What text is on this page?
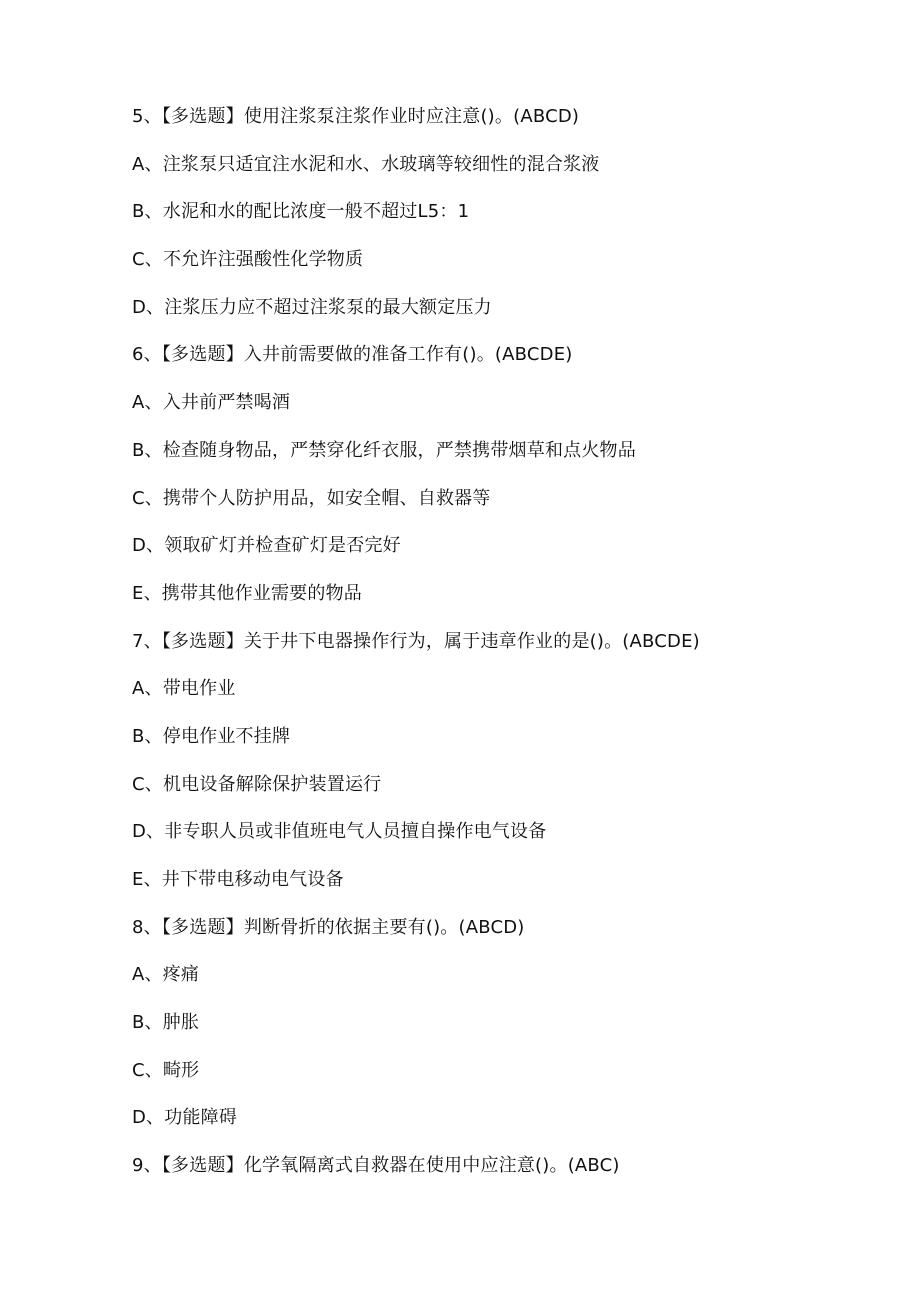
5、【多选题】使用注浆泵注浆作业时应注意()。(ABCD)
A、注浆泵只适宜注水泥和水、水玻璃等较细性的混合浆液
B、水泥和水的配比浓度一般不超过L5：1
C、不允许注强酸性化学物质
D、注浆压力应不超过注浆泵的最大额定压力
6、【多选题】入井前需要做的准备工作有()。(ABCDE)
A、入井前严禁喝酒
B、检查随身物品，严禁穿化纤衣服，严禁携带烟草和点火物品
C、携带个人防护用品，如安全帽、自救器等
D、领取矿灯并检查矿灯是否完好
E、携带其他作业需要的物品
7、【多选题】关于井下电器操作行为，属于违章作业的是()。(ABCDE)
A、带电作业
B、停电作业不挂牌
C、机电设备解除保护装置运行
D、非专职人员或非值班电气人员擅自操作电气设备
E、井下带电移动电气设备
8、【多选题】判断骨折的依据主要有()。(ABCD)
A、疼痛
B、肿胀
C、畸形
D、功能障碍
9、【多选题】化学氧隔离式自救器在使用中应注意()。(ABC)
